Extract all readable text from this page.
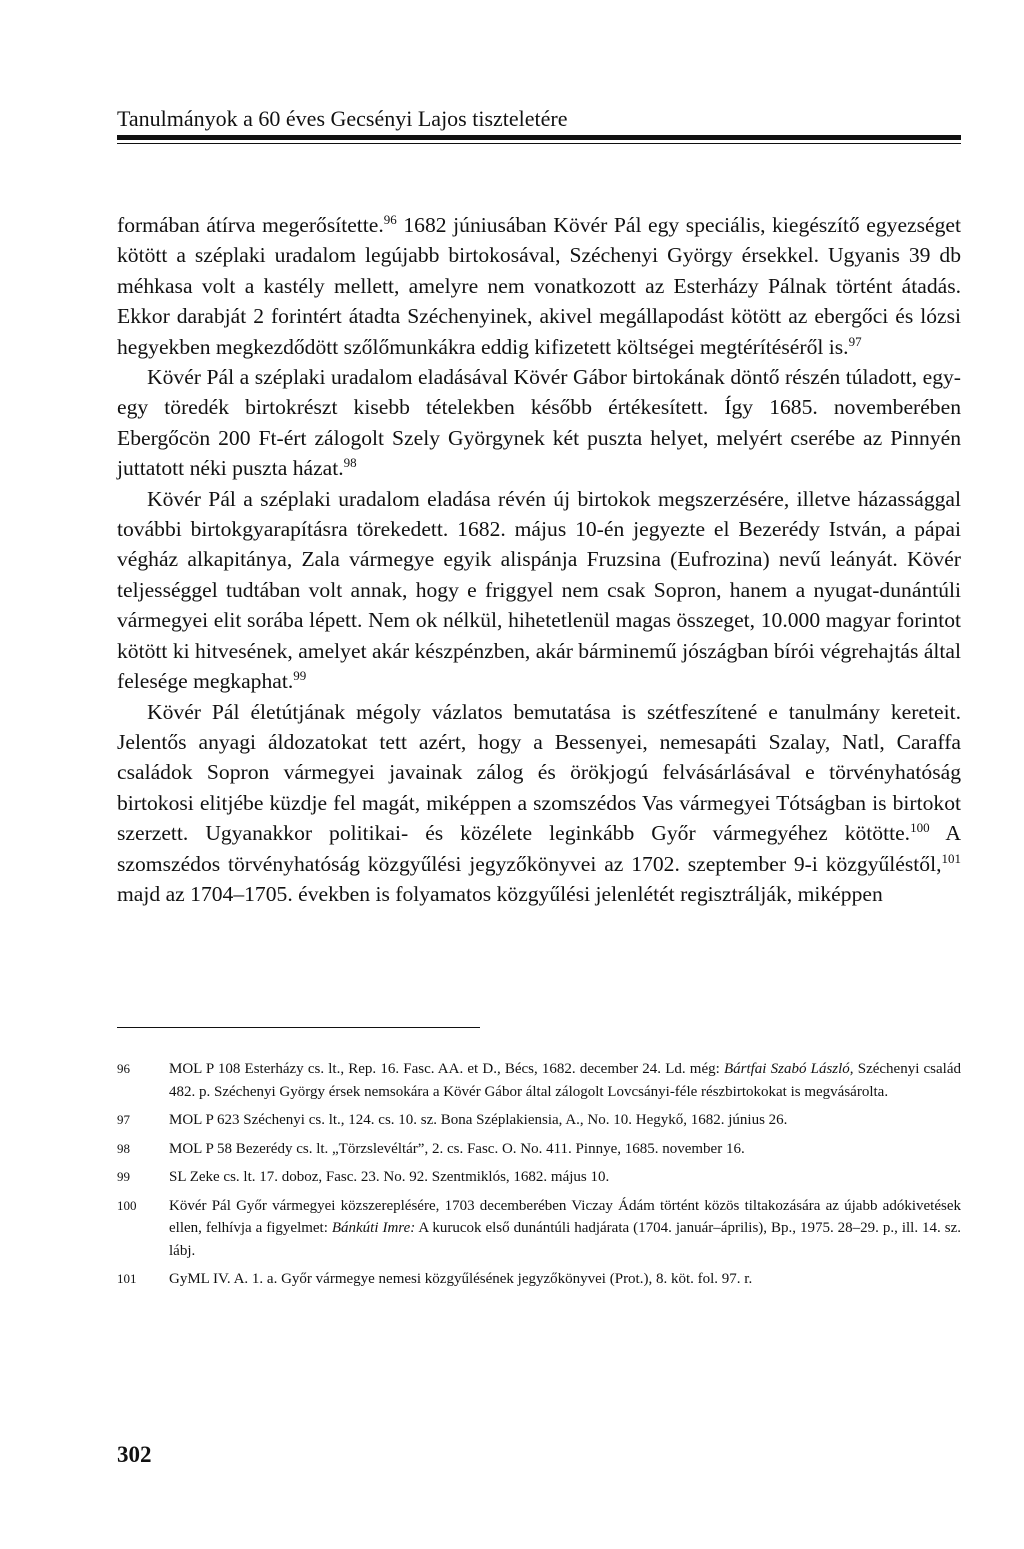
Tanulmányok a 60 éves Gecsényi Lajos tiszteletére

formában átírva megerősítette.$^{96}$ 1682 júniusában Kövér Pál egy speciális, kiegészítő egyezséget kötött a széplaki uradalom legújabb birtokosával, Széchenyi György érsekkel. Ugyanis 39 db méhkasa volt a kastély mellett, amelyre nem vonatkozott az Esterházy Pálnak történt átadás. Ekkor darabját 2 forintért átadta Széchenyinek, akivel megállapodást kötött az ebergőci és lózsi hegyekben megkezdődött szőlőmunkákra eddig kifizetett költségei megtérítéséről is.$^{97}$

Kövér Pál a széplaki uradalom eladásával Kövér Gábor birtokának döntő részén túladott, egy-egy töredék birtokrészt kisebb tételekben később értékesített. Így 1685. novemberében Ebergőcön 200 Ft-ért zálogolt Szely Györgynek két puszta helyet, melyért cserébe az Pinnyén juttatott néki puszta házat.$^{98}$

Kövér Pál a széplaki uradalom eladása révén új birtokok megszerzésére, illetve házassággal további birtokgyarapításra törekedett. 1682. május 10-én jegyezte el Bezerédy István, a pápai végház alkapitánya, Zala vármegye egyik alispánja Fruzsina (Eufrozina) nevű leányát. Kövér teljességgel tudtában volt annak, hogy e friggyel nem csak Sopron, hanem a nyugat-dunántúli vármegyei elit sorába lépett. Nem ok nélkül, hihetetlenül magas összeget, 10.000 magyar forintot kötött ki hitvesének, amelyet akár készpénzben, akár bárminemű jószágban bírói végrehajtás által felesége megkaphat.$^{99}$

Kövér Pál életútjának mégoly vázlatos bemutatása is szétfeszítené e tanulmány kereteit. Jelentős anyagi áldozatokat tett azért, hogy a Bessenyei, nemesapáti Szalay, Natl, Caraffa családok Sopron vármegyei javainak zálog és örökjogú felvásárlásával e törvényhatóság birtokosi elitjébe küzdje fel magát, miképpen a szomszédos Vas vármegyei Tótságban is birtokot szerzett. Ugyanakkor politikai- és közélete leginkább Győr vármegyéhez kötötte.$^{100}$ A szomszédos törvényhatóság közgyűlési jegyzőkönyvei az 1702. szeptember 9-i közgyűléstől,$^{101}$ majd az 1704–1705. években is folyamatos közgyűlési jelenlétét regisztrálják, miképpen

96	MOL P 108 Esterházy cs. lt., Rep. 16. Fasc. AA. et D., Bécs, 1682. december 24. Ld. még: Bártfai Szabó László, Széchenyi család 482. p. Széchenyi György érsek nemsokára a Kövér Gábor által zálogolt Lovcsányi-féle részbirtokokat is megvásárolta.
97	MOL P 623 Széchenyi cs. lt., 124. cs. 10. sz. Bona Széplakiensia, A., No. 10. Hegykő, 1682. június 26.
98	MOL P 58 Bezerédy cs. lt. „Törzslevéltár”, 2. cs. Fasc. O. No. 411. Pinnye, 1685. november 16.
99	SL Zeke cs. lt. 17. doboz, Fasc. 23. No. 92. Szentmiklós, 1682. május 10.
100 Kövér Pál Győr vármegyei közszereplésére, 1703 decemberében Viczay Ádám történt közös tiltakozására az újabb adókivetések ellen, felhívja a figyelmet: Bánkúti Imre: A kurucok első dunántúli hadjárata (1704. január–április), Bp., 1975. 28–29. p., ill. 14. sz. lábj.
101 GyML IV. A. 1. a. Győr vármegye nemesi közgyűlésének jegyzőkönyvei (Prot.), 8. köt. fol. 97. r.
302
